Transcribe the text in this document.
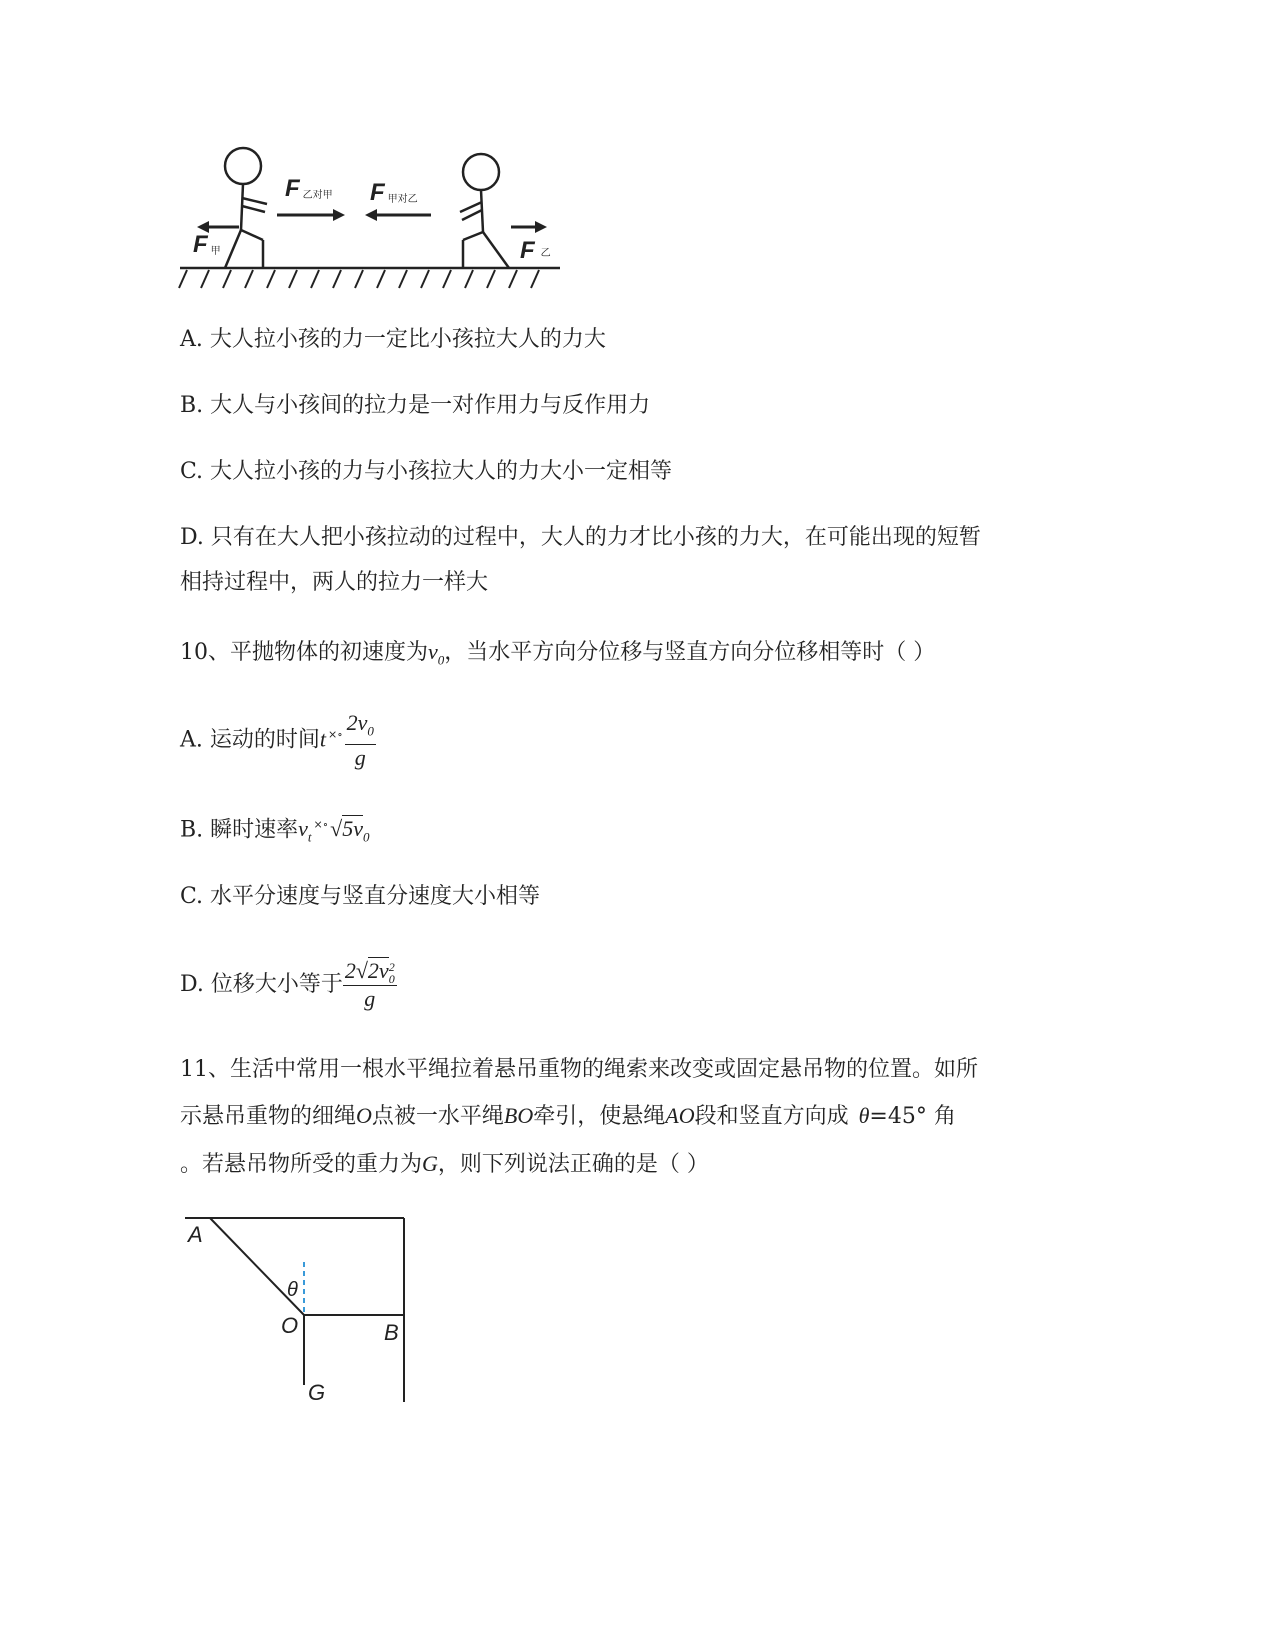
F乙对甲 F甲对乙
F甲	F乙
A. 大人拉小孩的力一定比小孩拉大人的力大
B. 大人与小孩间的拉力是一对作用力与反作用力
C. 大人拉小孩的力与小孩拉大人的力大小一定相等
D. 只有在大人把小孩拉动的过程中，大人的力才比小孩的力大，在可能出现的短暂
相持过程中，两人的拉力一样大
10、平抛物体的初速度为$v_0$，当水平方向分位移与竖直方向分位移相等时（ ）
A. 运动的时间t $^{\times\circ} \frac{2v_0}{g}$
B. 瞬时速率$v_t^{\times\circ}√5v_0$
C. 水平分速度与竖直分速度大小相等
D. 位移大小等于 2√2v 2
0
g
11、生活中常用一根水平绳拉着悬吊重物的绳索来改变或固定悬吊物的位置。如所
示悬吊重物的细绳O点被一水平绳BO牵引，使悬绳AO段和竖直方向成 θ=45° 角
。若悬吊物所受的重力为G，则下列说法正确的是（ ）
A
θ
O	B
G
